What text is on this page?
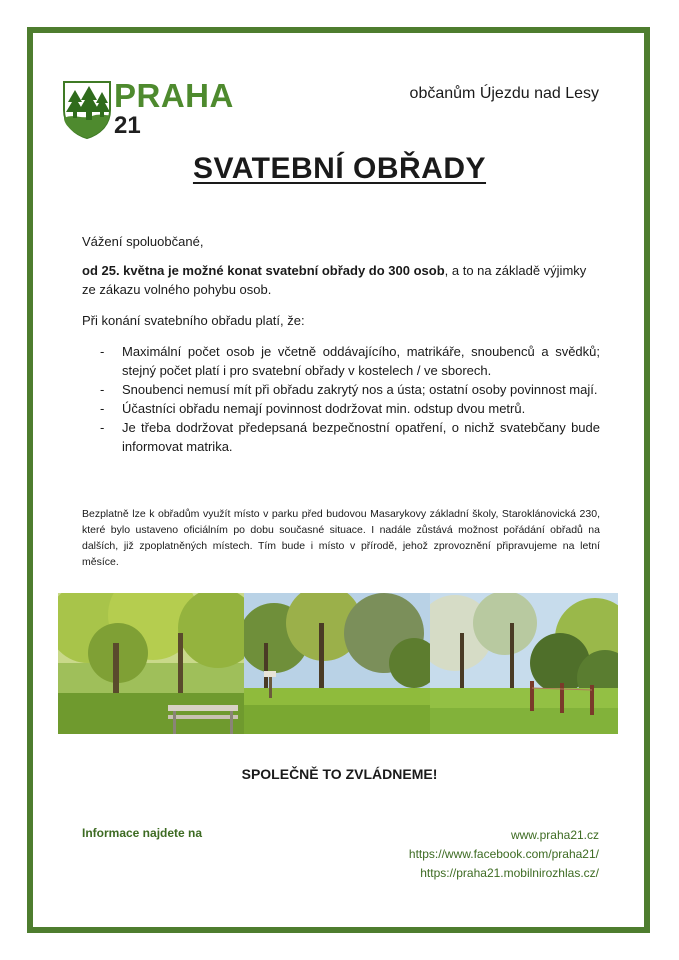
PRAHA
21
občanům Újezdu nad Lesy
SVATEBNÍ OBŘADY
Vážení spoluobčané,
od 25. května je možné konat svatební obřady do 300 osob, a to na základě výjimky ze zákazu volného pohybu osob.
Při konání svatebního obřadu platí, že:
- Maximální počet osob je včetně oddávajícího, matrikáře, snoubenců a svědků; stejný počet platí i pro svatební obřady v kostelech / ve sborech.
- Snoubenci nemusí mít při obřadu zakrytý nos a ústa; ostatní osoby povinnost mají.
- Účastníci obřadu nemají povinnost dodržovat min. odstup dvou metrů.
- Je třeba dodržovat předepsaná bezpečnostní opatření, o nichž svatebčany bude informovat matrika.
Bezplatně lze k obřadům využít místo v parku před budovou Masarykovy základní školy, Staroklánovická 230, které bylo ustaveno oficiálním po dobu současné situace. I nadále zůstává možnost pořádání obřadů na dalších, již zpoplatněných místech. Tím bude i místo v přírodě, jehož zprovoznění připravujeme na letní měsíce.
SPOLEČNĚ TO ZVLÁDNEME!
Informace najdete na	www.praha21.cz
https://www.facebook.com/praha21/
https://praha21.mobilnirozhlas.cz/
